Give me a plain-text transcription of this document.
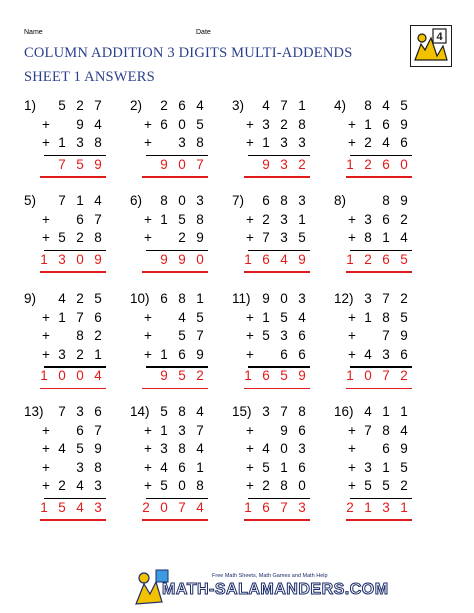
Name	Date
COLUMN ADDITION 3 DIGITS MULTI-ADDENDS
SHEET 1 ANSWERS
4
1) 5 2 7
+ 9 4
+ 1 3 8
7 5 9
2) 2 6 4
+ 6 0 5
+ 3 8
9 0 7
3) 4 7 1
+ 3 2 8
+ 1 3 3
9 3 2
4) 8 4 5
+ 1 6 9
+ 2 4 6
1 2 6 0
5) 7 1 4
+ 6 7
+ 5 2 8
1 3 0 9
6) 8 0 3
+ 1 5 8
+ 2 9
9 9 0
7) 6 8 3
+ 2 3 1
+ 7 3 5
1 6 4 9
8)	8 9
+ 3 6 2
+ 8 1 4
1 2 6 5
9) 4 2 5
+ 1 7 6
+ 8 2
+ 3 2 1
1 0 0 4
10) 6 8 1
+ 4 5
+ 5 7
+ 1 6 9
9 5 2
11) 9 0 3
+ 1 5 4
+ 5 3 6
+ 6 6
1 6 5 9
12) 3 7 2
+ 1 8 5
+ 7 9
+ 4 3 6
1 0 7 2
13) 7 3 6
+ 6 7
+ 4 5 9
+ 3 8
+ 2 4 3
1 5 4 3
14) 5 8 4
+ 1 3 7
+ 3 8 4
+ 4 6 1
+ 5 0 8
2 0 7 4
15) 3 7 8
+ 9 6
+ 4 0 3
+ 5 1 6
+ 2 8 0
1 6 7 3
16) 4 1 1
+ 7 8 4
+ 6 9
+ 3 1 5
+ 5 5 2
2 1 3 1
Free Math Sheets, Math Games and Math Help
MATH-SALAMANDERS.COM
